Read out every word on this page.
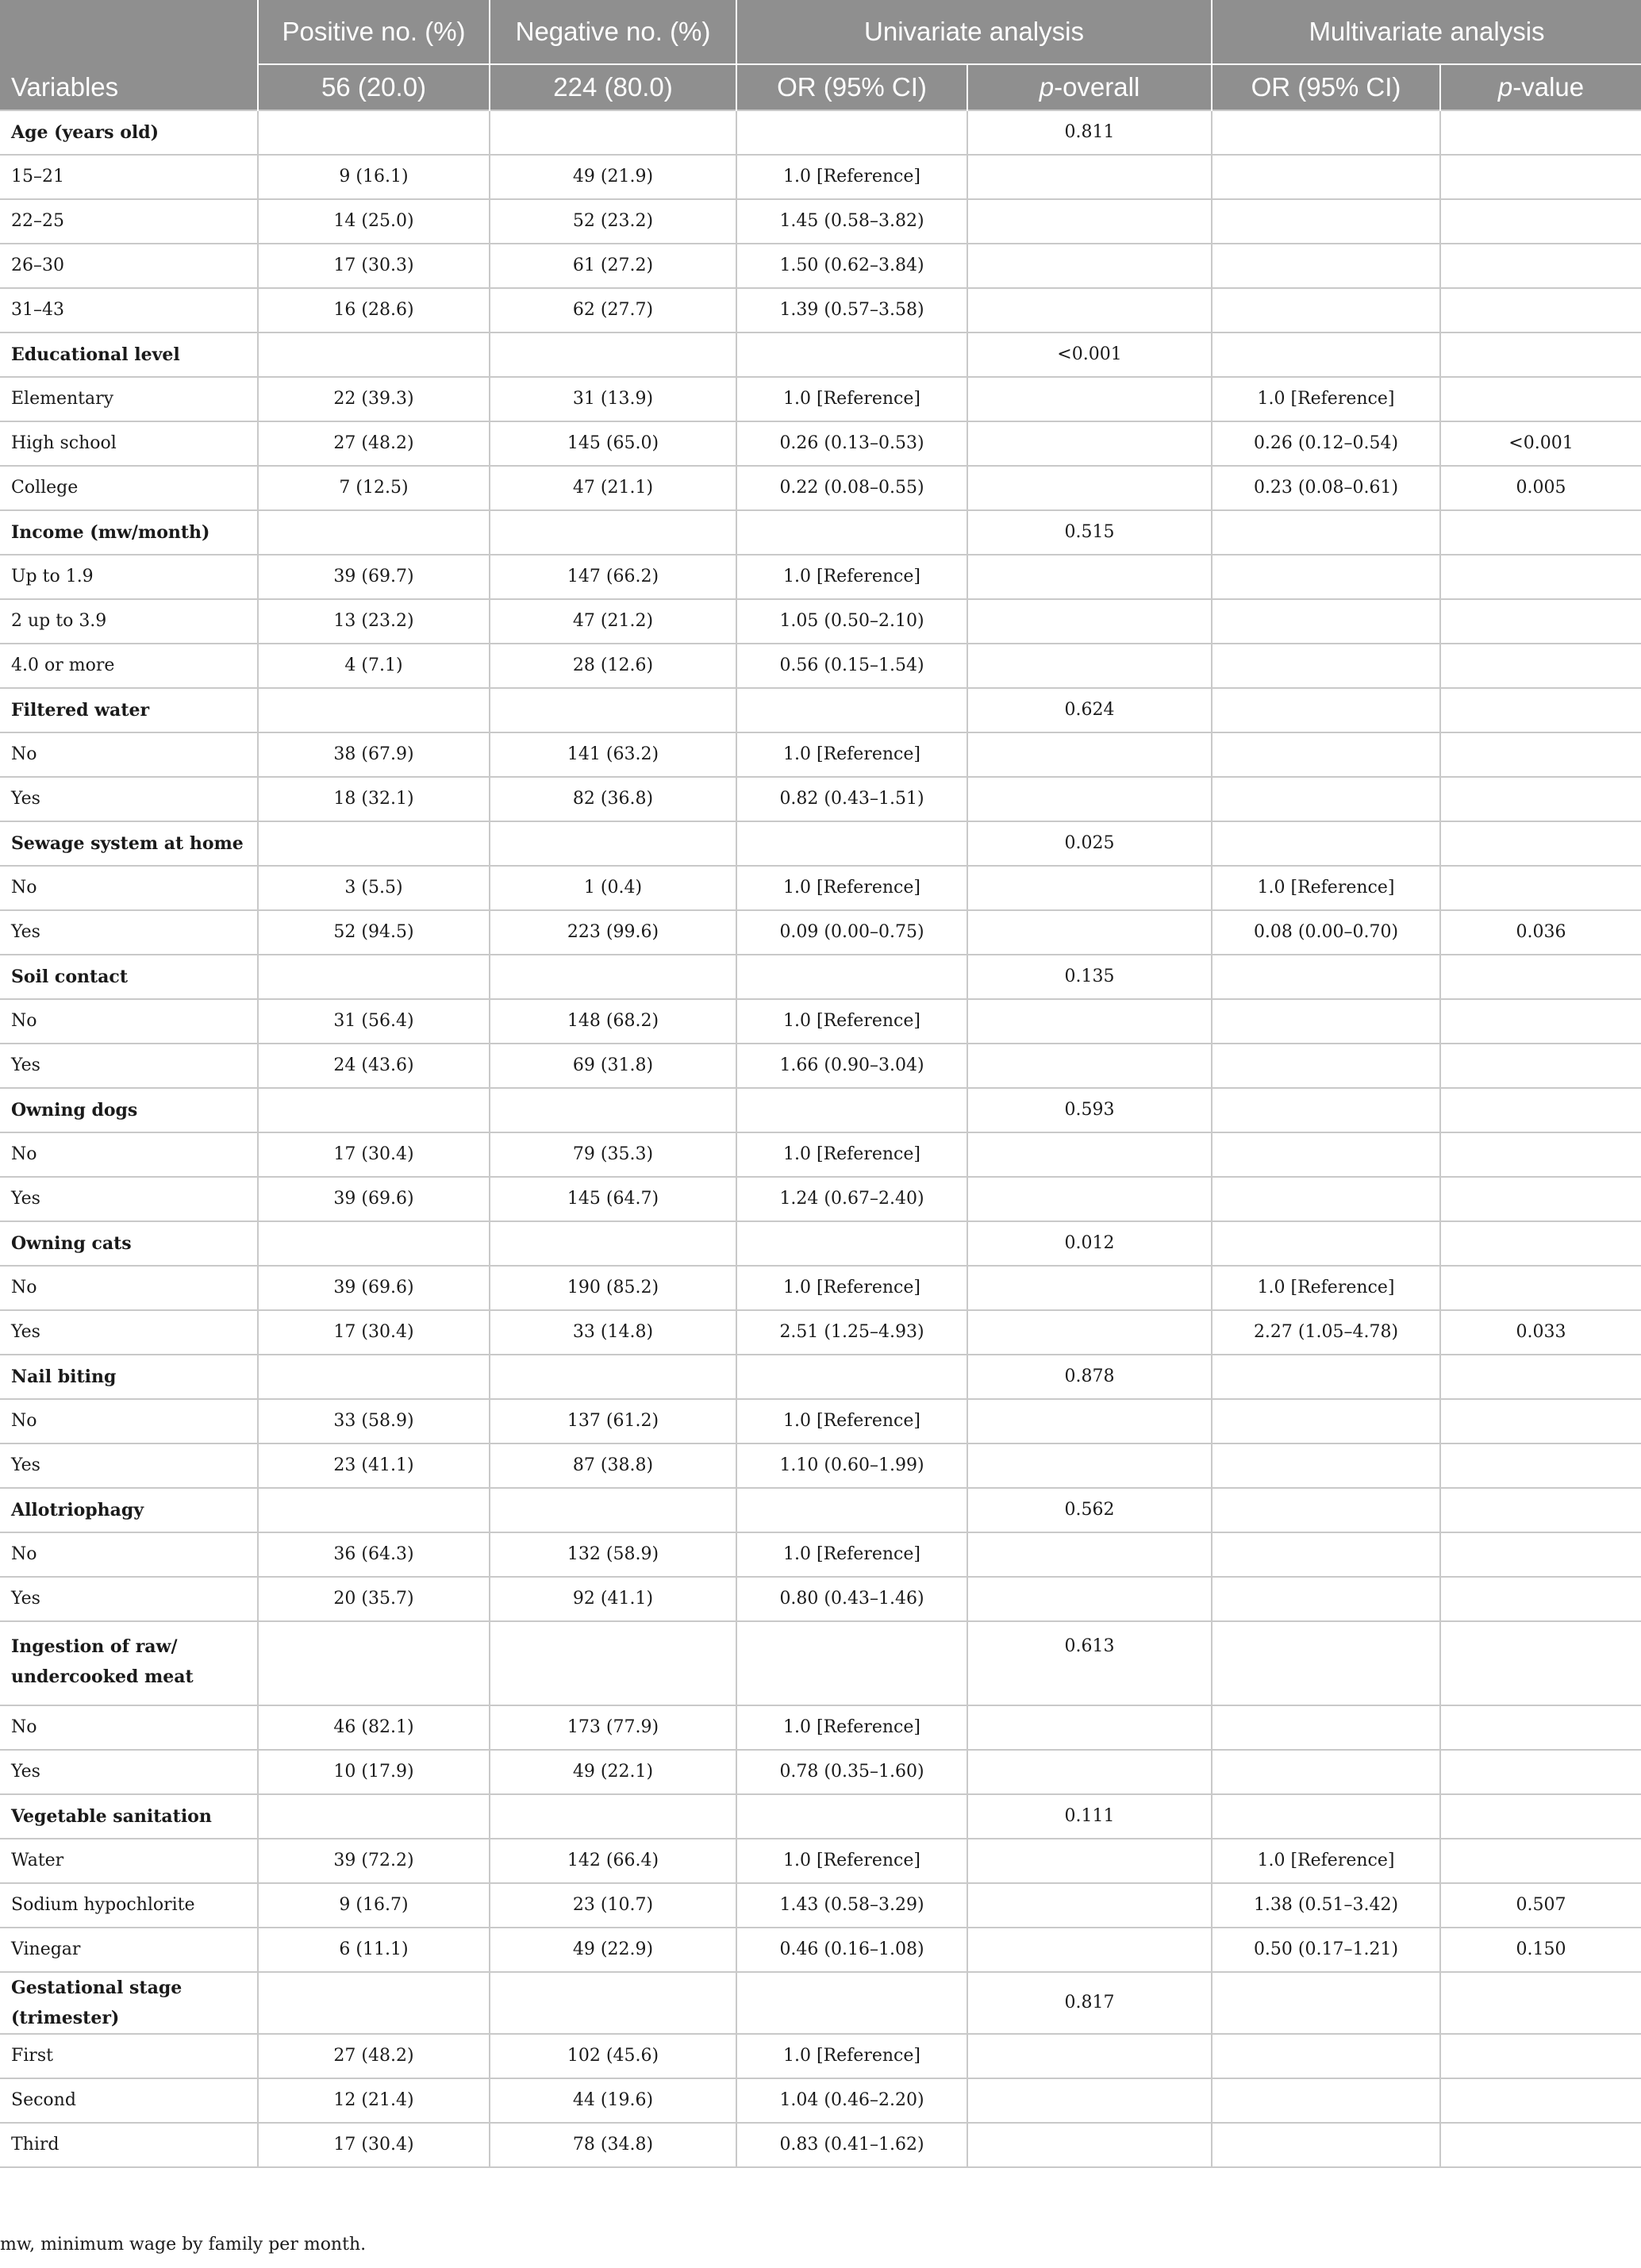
	Positive no. (%)	Negative no. (%)	Univariate analysis		Multivariate analysis	
Variables	56 (20.0)	224 (80.0)	OR (95% CI)	p-overall	OR (95% CI)	p-value
Age (years old)				0.811		
15–21	9 (16.1)	49 (21.9)	1.0 [Reference]			
22–25	14 (25.0)	52 (23.2)	1.45 (0.58–3.82)			
26–30	17 (30.3)	61 (27.2)	1.50 (0.62–3.84)			
31–43	16 (28.6)	62 (27.7)	1.39 (0.57–3.58)			
Educational level				<0.001		
Elementary	22 (39.3)	31 (13.9)	1.0 [Reference]		1.0 [Reference]	
High school	27 (48.2)	145 (65.0)	0.26 (0.13–0.53)		0.26 (0.12–0.54)	<0.001
College	7 (12.5)	47 (21.1)	0.22 (0.08–0.55)		0.23 (0.08–0.61)	0.005
Income (mw/month)				0.515		
Up to 1.9	39 (69.7)	147 (66.2)	1.0 [Reference]			
2 up to 3.9	13 (23.2)	47 (21.2)	1.05 (0.50–2.10)			
4.0 or more	4 (7.1)	28 (12.6)	0.56 (0.15–1.54)			
Filtered water				0.624		
No	38 (67.9)	141 (63.2)	1.0 [Reference]			
Yes	18 (32.1)	82 (36.8)	0.82 (0.43–1.51)			
Sewage system at home				0.025		
No	3 (5.5)	1 (0.4)	1.0 [Reference]		1.0 [Reference]	
Yes	52 (94.5)	223 (99.6)	0.09 (0.00–0.75)		0.08 (0.00–0.70)	0.036
Soil contact				0.135		
No	31 (56.4)	148 (68.2)	1.0 [Reference]			
Yes	24 (43.6)	69 (31.8)	1.66 (0.90–3.04)			
Owning dogs				0.593		
No	17 (30.4)	79 (35.3)	1.0 [Reference]			
Yes	39 (69.6)	145 (64.7)	1.24 (0.67–2.40)			
Owning cats				0.012		
No	39 (69.6)	190 (85.2)	1.0 [Reference]		1.0 [Reference]	
Yes	17 (30.4)	33 (14.8)	2.51 (1.25–4.93)		2.27 (1.05–4.78)	0.033
Nail biting				0.878		
No	33 (58.9)	137 (61.2)	1.0 [Reference]			
Yes	23 (41.1)	87 (38.8)	1.10 (0.60–1.99)			
Allotriophagy				0.562		
No	36 (64.3)	132 (58.9)	1.0 [Reference]			
Yes	20 (35.7)	92 (41.1)	0.80 (0.43–1.46)			
Ingestion of raw/
undercooked meat				0.613		
No	46 (82.1)	173 (77.9)	1.0 [Reference]			
Yes	10 (17.9)	49 (22.1)	0.78 (0.35–1.60)			
Vegetable sanitation				0.111		
Water	39 (72.2)	142 (66.4)	1.0 [Reference]		1.0 [Reference]	
Sodium hypochlorite	9 (16.7)	23 (10.7)	1.43 (0.58–3.29)		1.38 (0.51–3.42)	0.507
Vinegar	6 (11.1)	49 (22.9)	0.46 (0.16–1.08)		0.50 (0.17–1.21)	0.150
Gestational stage (trimester)				0.817		
First	27 (48.2)	102 (45.6)	1.0 [Reference]			
Second	12 (21.4)	44 (19.6)	1.04 (0.46–2.20)			
Third	17 (30.4)	78 (34.8)	0.83 (0.41–1.62)			
mw, minimum wage by family per month.
